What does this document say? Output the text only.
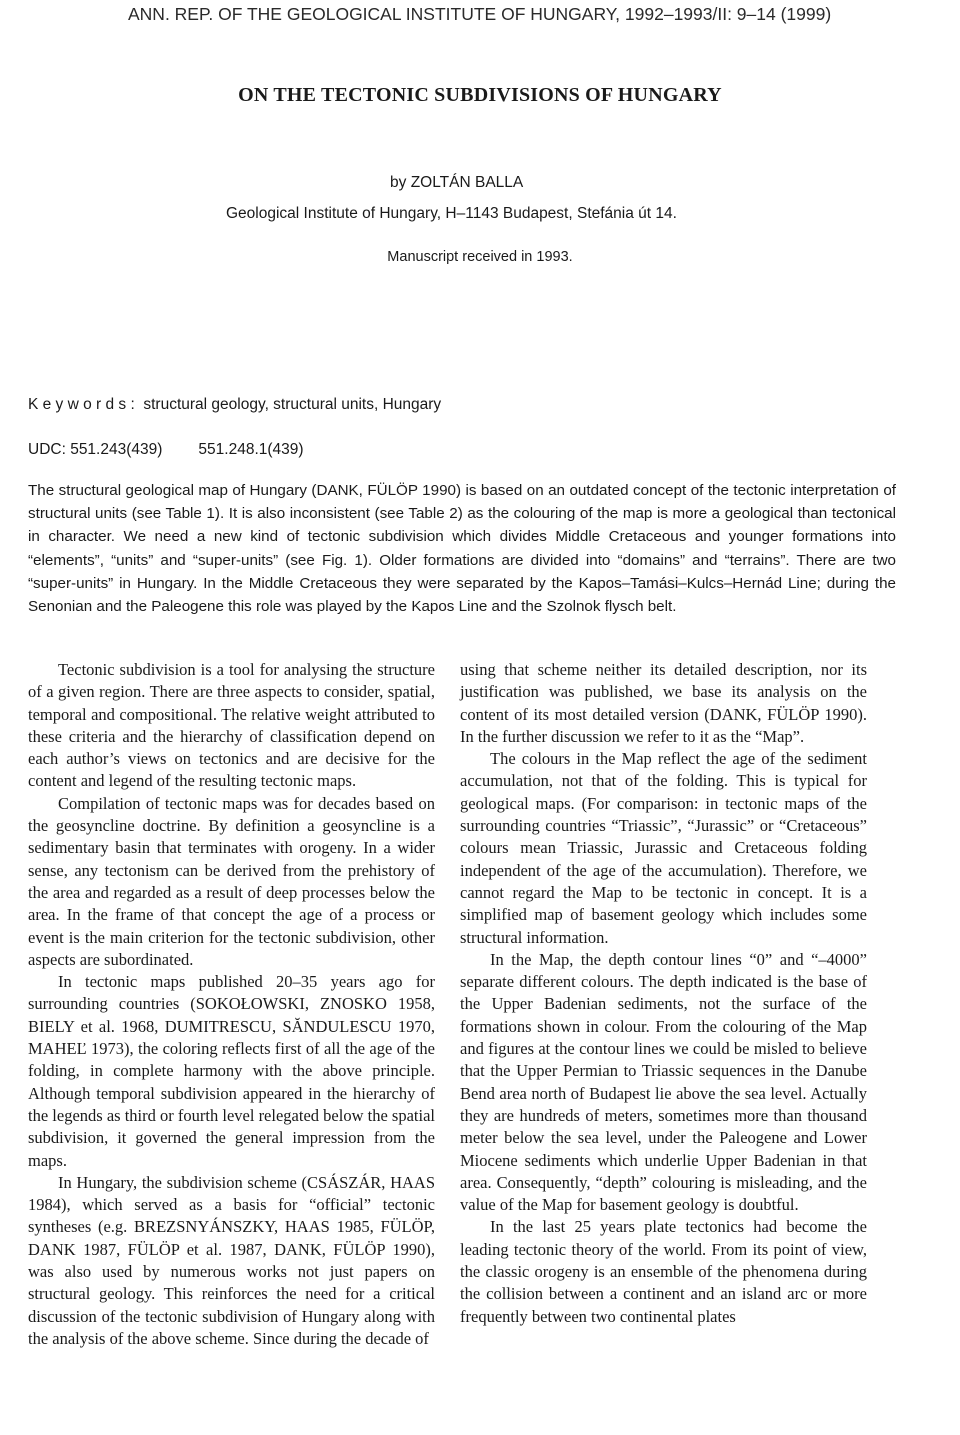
ANN. REP. OF THE GEOLOGICAL INSTITUTE OF HUNGARY, 1992–1993/II: 9–14 (1999)
ON THE TECTONIC SUBDIVISIONS OF HUNGARY
by ZOLTÁN BALLA
Geological Institute of Hungary, H–1143 Budapest, Stefánia út 14.
Manuscript received in 1993.
Keywords: structural geology, structural units, Hungary
UDC: 551.243(439) 551.248.1(439)

The structural geological map of Hungary (DANK, FÜLÖP 1990) is based on an outdated concept of the tectonic interpretation of structural units (see Table 1). It is also inconsistent (see Table 2) as the colouring of the map is more a geological than tectonical in character. We need a new kind of tectonic subdivision which divides Middle Cretaceous and younger formations into “elements”, “units” and “super-units” (see Fig. 1). Older formations are divided into “domains” and “terrains”. There are two “super-units” in Hungary. In the Middle Cretaceous they were separated by the Kapos–Tamási–Kulcs–Hernád Line; during the Senonian and the Paleogene this role was played by the Kapos Line and the Szolnok flysch belt.

Tectonic subdivision is a tool for analysing the structure of a given region. There are three aspects to consider, spatial, temporal and compositional. The relative weight attributed to these criteria and the hierarchy of classification depend on each author’s views on tectonics and are decisive for the content and legend of the resulting tectonic maps.

Compilation of tectonic maps was for decades based on the geosyncline doctrine. By definition a geosyncline is a sedimentary basin that terminates with orogeny. In a wider sense, any tectonism can be derived from the prehistory of the area and regarded as a result of deep processes below the area. In the frame of that concept the age of a process or event is the main criterion for the tectonic subdivision, other aspects are subordinated.

In tectonic maps published 20–35 years ago for surrounding countries (SOKOŁOWSKI, ZNOSKO 1958, BIELY et al. 1968, DUMITRESCU, SĂNDULESCU 1970, MAHEĽ 1973), the coloring reflects first of all the age of the folding, in complete harmony with the above principle. Although temporal subdivision appeared in the hierarchy of the legends as third or fourth level relegated below the spatial subdivision, it governed the general impression from the maps.

In Hungary, the subdivision scheme (CSÁSZÁR, HAAS 1984), which served as a basis for “official” tectonic syntheses (e.g. BREZSNYÁNSZKY, HAAS 1985, FÜLÖP, DANK 1987, FÜLÖP et al. 1987, DANK, FÜLÖP 1990), was also used by numerous works not just papers on structural geology. This reinforces the need for a critical discussion of the tectonic subdivision of Hungary along with the analysis of the above scheme. Since during the decade of

using that scheme neither its detailed description, nor its justification was published, we base its analysis on the content of its most detailed version (DANK, FÜLÖP 1990). In the further discussion we refer to it as the “Map”.

The colours in the Map reflect the age of the sediment accumulation, not that of the folding. This is typical for geological maps. (For comparison: in tectonic maps of the surrounding countries “Triassic”, “Jurassic” or “Cretaceous” colours mean Triassic, Jurassic and Cretaceous folding independent of the age of the accumulation). Therefore, we cannot regard the Map to be tectonic in concept. It is a simplified map of basement geology which includes some structural information.

In the Map, the depth contour lines “0” and “–4000” separate different colours. The depth indicated is the base of the Upper Badenian sediments, not the surface of the formations shown in colour. From the colouring of the Map and figures at the contour lines we could be misled to believe that the Upper Permian to Triassic sequences in the Danube Bend area north of Budapest lie above the sea level. Actually they are hundreds of meters, sometimes more than thousand meter below the sea level, under the Paleogene and Lower Miocene sediments which underlie Upper Badenian in that area. Consequently, “depth” colouring is misleading, and the value of the Map for basement geology is doubtful.

In the last 25 years plate tectonics had become the leading tectonic theory of the world. From its point of view, the classic orogeny is an ensemble of the phenomena during the collision between a continent and an island arc or more frequently between two continental plates
